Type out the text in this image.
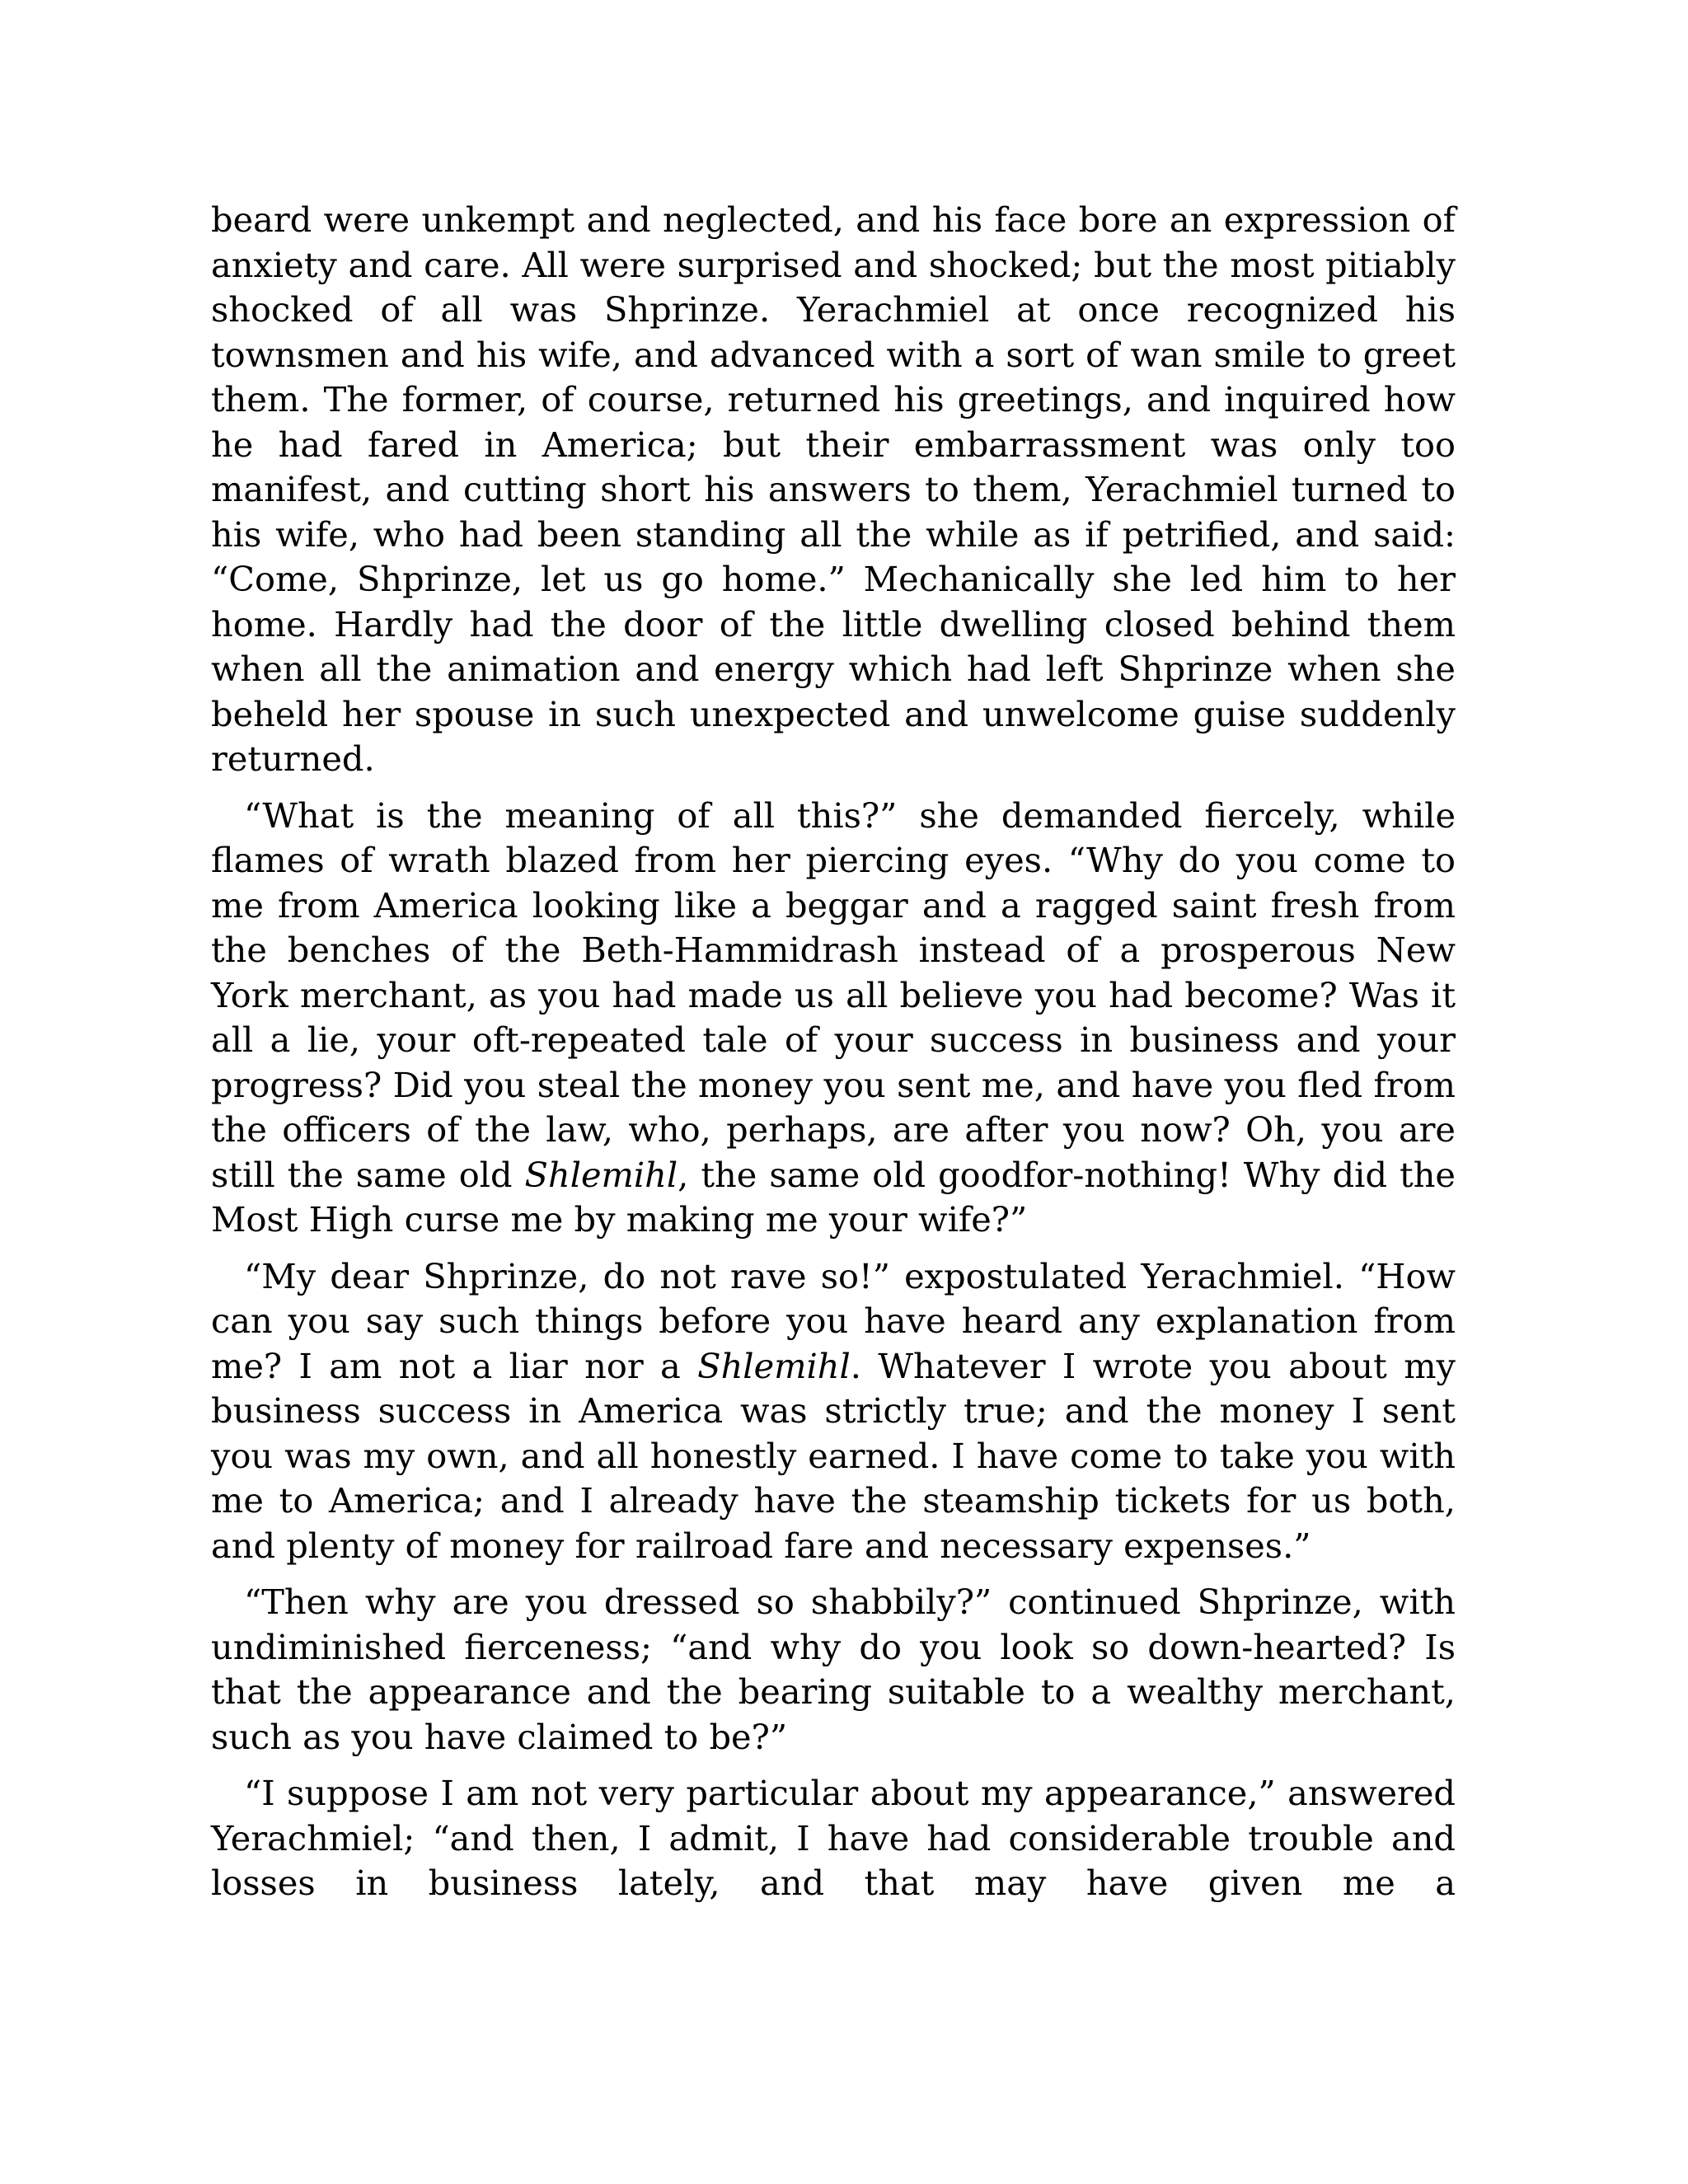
beard were unkempt and neglected, and his face bore an expression of anxiety and care. All were surprised and shocked; but the most pitiably shocked of all was Shprinze. Yerachmiel at once recognized his townsmen and his wife, and advanced with a sort of wan smile to greet them. The former, of course, returned his greetings, and inquired how he had fared in America; but their embarrassment was only too manifest, and cutting short his answers to them, Yerachmiel turned to his wife, who had been standing all the while as if petrified, and said: “Come, Shprinze, let us go home.” Mechanically she led him to her home. Hardly had the door of the little dwelling closed behind them when all the animation and energy which had left Shprinze when she beheld her spouse in such unexpected and unwelcome guise suddenly returned.

“What is the meaning of all this?” she demanded fiercely, while flames of wrath blazed from her piercing eyes. “Why do you come to me from America looking like a beggar and a ragged saint fresh from the benches of the Beth-Hammidrash instead of a prosperous New York merchant, as you had made us all believe you had become? Was it all a lie, your oft-repeated tale of your success in business and your progress? Did you steal the money you sent me, and have you fled from the officers of the law, who, perhaps, are after you now? Oh, you are still the same old Shlemihl, the same old goodfor-nothing! Why did the Most High curse me by making me your wife?”

“My dear Shprinze, do not rave so!” expostulated Yerachmiel. “How can you say such things before you have heard any explanation from me? I am not a liar nor a Shlemihl. Whatever I wrote you about my business success in America was strictly true; and the money I sent you was my own, and all honestly earned. I have come to take you with me to America; and I already have the steamship tickets for us both, and plenty of money for railroad fare and necessary expenses.”

“Then why are you dressed so shabbily?” continued Shprinze, with undiminished fierceness; “and why do you look so down-hearted? Is that the appearance and the bearing suitable to a wealthy merchant, such as you have claimed to be?”

“I suppose I am not very particular about my appearance,” answered Yerachmiel; “and then, I admit, I have had considerable trouble and losses in business lately, and that may have given me a
